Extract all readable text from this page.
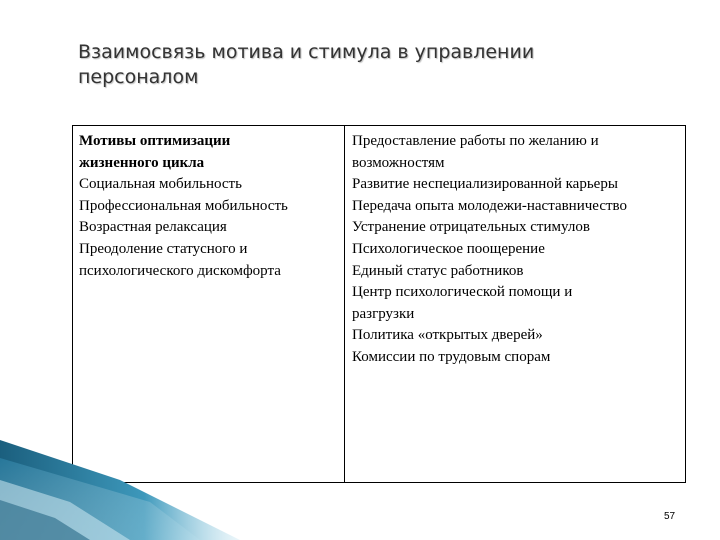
Взаимосвязь мотива и стимула в управлении
персоналом
Мотивы оптимизации
жизненного цикла
Социальная мобильность
Профессиональная мобильность
Возрастная релаксация
Преодоление статусного и
психологического дискомфорта
Предоставление работы по желанию и
возможностям
Развитие неспециализированной карьеры
Передача опыта молодежи-наставничество
Устранение отрицательных стимулов
Психологическое поощерение
Единый статус работников
Центр психологической помощи и
разгрузки
Политика «открытых дверей»
Комиссии по трудовым спорам
57
